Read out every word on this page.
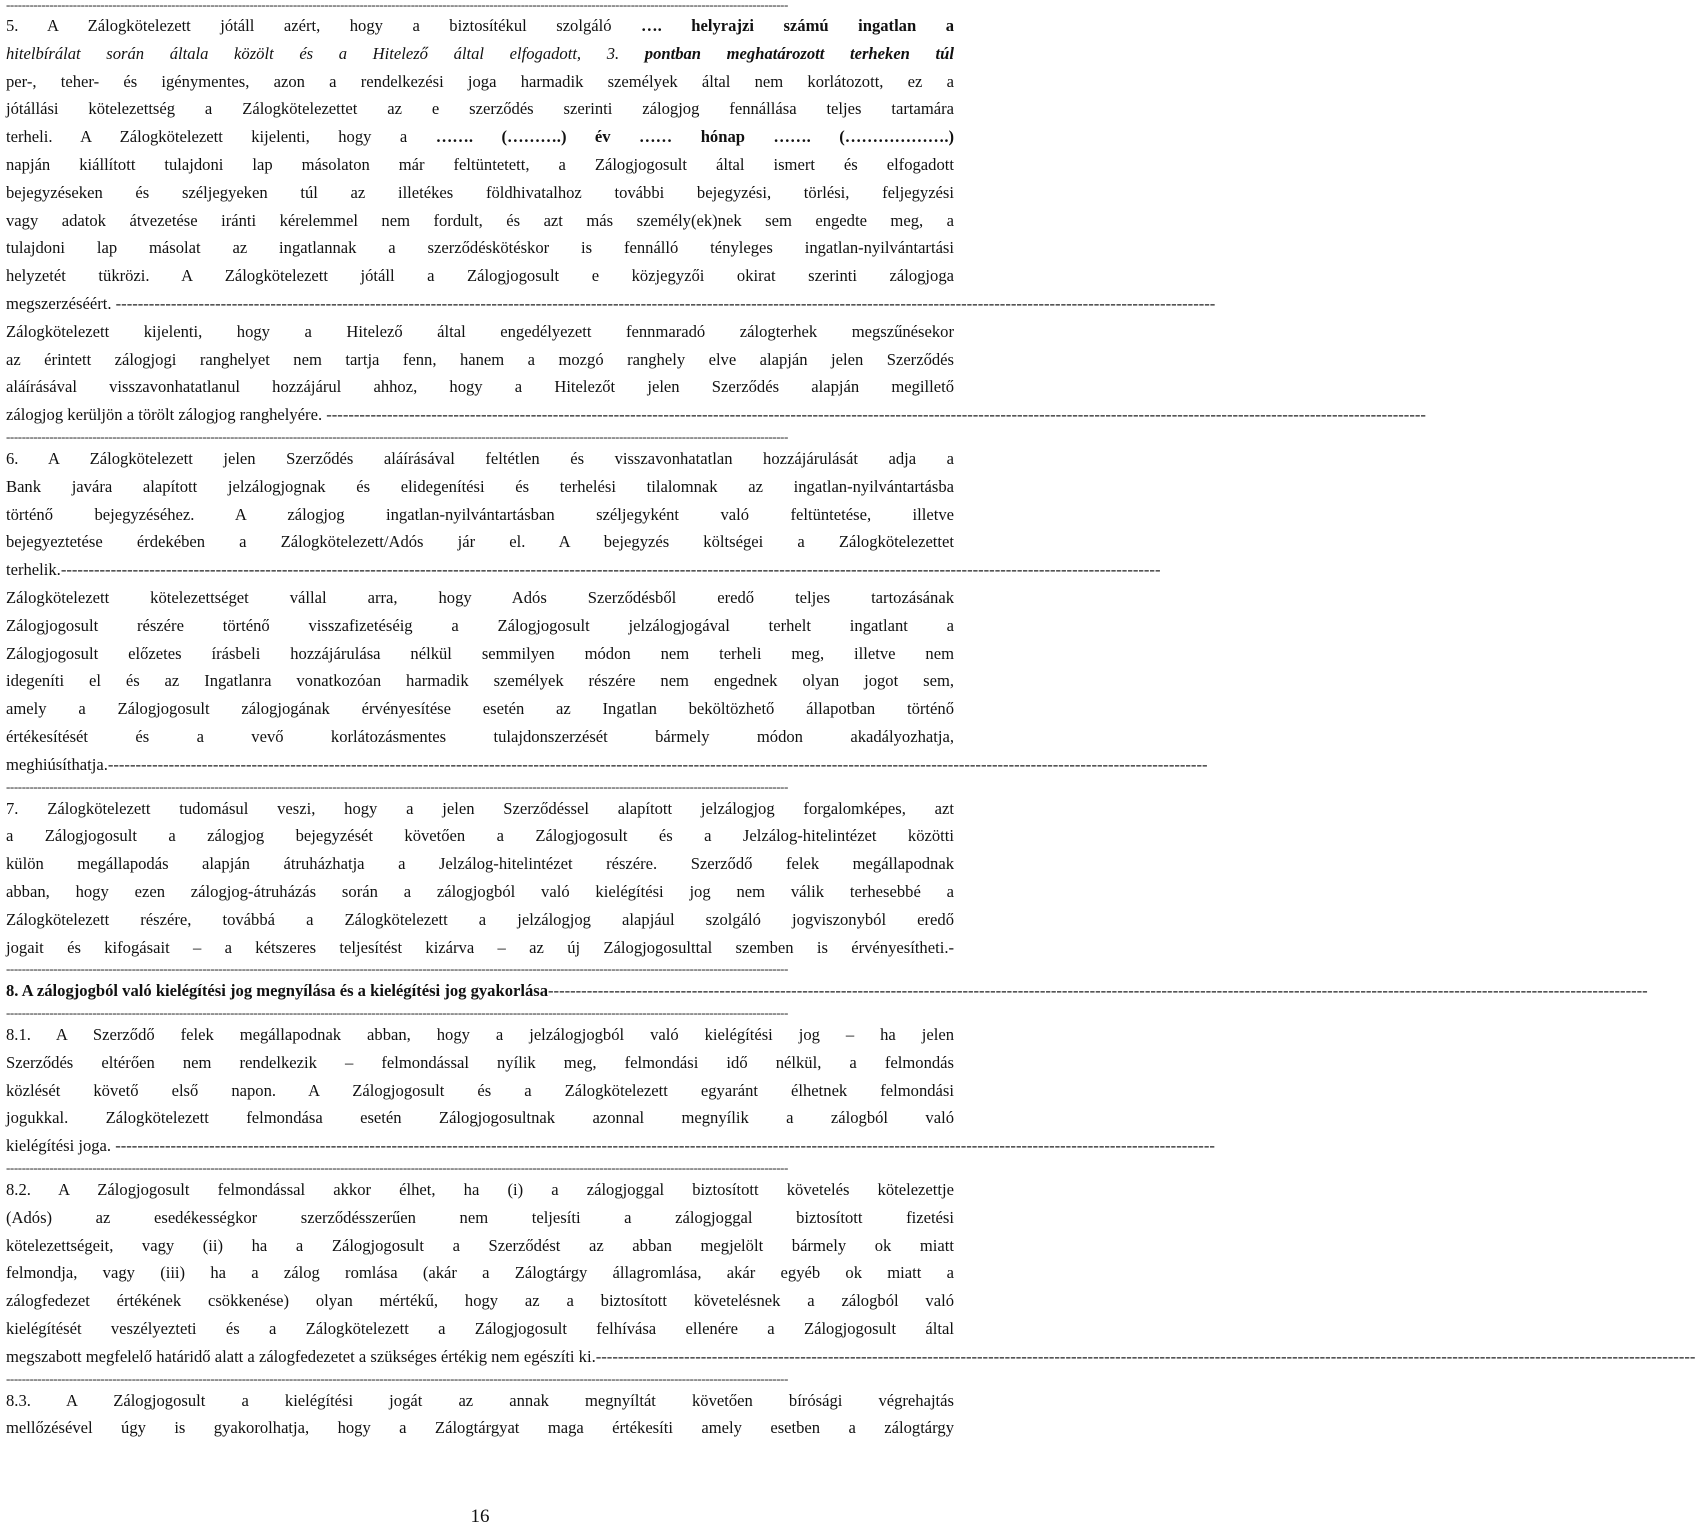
-------------------------------------------------------------------------------------------------------------------------------------------------------------------------------------------------------
5. A Zálogkötelezett jótáll azért, hogy a biztosítékul szolgáló …. helyrajzi számú ingatlan a
hitelbírálat során általa közölt és a Hitelező által elfogadott, 3. pontban meghatározott terheken túl
per-, teher- és igénymentes, azon a rendelkezési joga harmadik személyek által nem korlátozott, ez a
jótállási kötelezettség a Zálogkötelezettet az e szerződés szerinti zálogjog fennállása teljes tartamára
terheli. A Zálogkötelezett kijelenti, hogy a ……. (……….) év …… hónap ……. (……………….)
napján kiállított tulajdoni lap másolaton már feltüntetett, a Zálogjogosult által ismert és elfogadott
bejegyzéseken és széljegyeken túl az illetékes földhivatalhoz további bejegyzési, törlési, feljegyzési
vagy adatok átvezetése iránti kérelemmel nem fordult, és azt más személy(ek)nek sem engedte meg, a
tulajdoni lap másolat az ingatlannak a szerződéskötéskor is fennálló tényleges ingatlan-nyilvántartási
helyzetét tükrözi. A Zálogkötelezett jótáll a Zálogjogosult e közjegyzői okirat szerinti zálogjoga
megszerzéséért. -------------------------------------------------------------------------------------------------------------------------------------------------------------------------------------------------------
Zálogkötelezett kijelenti, hogy a Hitelező által engedélyezett fennmaradó zálogterhek megszűnésekor
az érintett zálogjogi ranghelyet nem tartja fenn, hanem a mozgó ranghely elve alapján jelen Szerződés
aláírásával visszavonhatatlanul hozzájárul ahhoz, hogy a Hitelezőt jelen Szerződés alapján megillető
zálogjog kerüljön a törölt zálogjog ranghelyére. -------------------------------------------------------------------------------------------------------------------------------------------------------------------------------------------------------
-------------------------------------------------------------------------------------------------------------------------------------------------------------------------------------------------------
6. A Zálogkötelezett jelen Szerződés aláírásával feltétlen és visszavonhatatlan hozzájárulását adja a
Bank javára alapított jelzálogjognak és elidegenítési és terhelési tilalomnak az ingatlan-nyilvántartásba
történő bejegyzéséhez. A zálogjog ingatlan-nyilvántartásban széljegyként való feltüntetése, illetve
bejegyeztetése érdekében a Zálogkötelezett/Adós jár el. A bejegyzés költségei a Zálogkötelezettet
terhelik.-------------------------------------------------------------------------------------------------------------------------------------------------------------------------------------------------------
Zálogkötelezett kötelezettséget vállal arra, hogy Adós Szerződésből eredő teljes tartozásának
Zálogjogosult részére történő visszafizetéséig a Zálogjogosult jelzálogjogával terhelt ingatlant a
Zálogjogosult előzetes írásbeli hozzájárulása nélkül semmilyen módon nem terheli meg, illetve nem
idegeníti el és az Ingatlanra vonatkozóan harmadik személyek részére nem engednek olyan jogot sem,
amely a Zálogjogosult zálogjogának érvényesítése esetén az Ingatlan beköltözhető állapotban történő
értékesítését és a vevő korlátozásmentes tulajdonszerzését bármely módon akadályozhatja,
meghiúsíthatja.-------------------------------------------------------------------------------------------------------------------------------------------------------------------------------------------------------
-------------------------------------------------------------------------------------------------------------------------------------------------------------------------------------------------------
7. Zálogkötelezett tudomásul veszi, hogy a jelen Szerződéssel alapított jelzálogjog forgalomképes, azt
a Zálogjogosult a zálogjog bejegyzését követően a Zálogjogosult és a Jelzálog-hitelintézet közötti
külön megállapodás alapján átruházhatja a Jelzálog-hitelintézet részére. Szerződő felek megállapodnak
abban, hogy ezen zálogjog-átruházás során a zálogjogból való kielégítési jog nem válik terhesebbé a
Zálogkötelezett részére, továbbá a Zálogkötelezett a jelzálogjog alapjául szolgáló jogviszonyból eredő
jogait és kifogásait – a kétszeres teljesítést kizárva – az új Zálogjogosulttal szemben is érvényesítheti.-
-------------------------------------------------------------------------------------------------------------------------------------------------------------------------------------------------------
8. A zálogjogból való kielégítési jog megnyílása és a kielégítési jog gyakorlása-------------------------------------------------------------------------------------------------------------------------------------------------------------------------------------------------------
-------------------------------------------------------------------------------------------------------------------------------------------------------------------------------------------------------
8.1. A Szerződő felek megállapodnak abban, hogy a jelzálogjogból való kielégítési jog – ha jelen
Szerződés eltérően nem rendelkezik – felmondással nyílik meg, felmondási idő nélkül, a felmondás
közlését követő első napon. A Zálogjogosult és a Zálogkötelezett egyaránt élhetnek felmondási
jogukkal. Zálogkötelezett felmondása esetén Zálogjogosultnak azonnal megnyílik a zálogból való
kielégítési joga. -------------------------------------------------------------------------------------------------------------------------------------------------------------------------------------------------------
-------------------------------------------------------------------------------------------------------------------------------------------------------------------------------------------------------
8.2. A Zálogjogosult felmondással akkor élhet, ha (i) a zálogjoggal biztosított követelés kötelezettje
(Adós) az esedékességkor szerződésszerűen nem teljesíti a zálogjoggal biztosított fizetési
kötelezettségeit, vagy (ii) ha a Zálogjogosult a Szerződést az abban megjelölt bármely ok miatt
felmondja, vagy (iii) ha a zálog romlása (akár a Zálogtárgy állagromlása, akár egyéb ok miatt a
zálogfedezet értékének csökkenése) olyan mértékű, hogy az a biztosított követelésnek a zálogból való
kielégítését veszélyezteti és a Zálogkötelezett a Zálogjogosult felhívása ellenére a Zálogjogosult által
megszabott megfelelő határidő alatt a zálogfedezetet a szükséges értékig nem egészíti ki.-------------------------------------------------------------------------------------------------------------------------------------------------------------------------------------------------------
-------------------------------------------------------------------------------------------------------------------------------------------------------------------------------------------------------
8.3. A Zálogjogosult a kielégítési jogát az annak megnyíltát követően bírósági végrehajtás
mellőzésével úgy is gyakorolhatja, hogy a Zálogtárgyat maga értékesíti amely esetben a zálogtárgy
16
